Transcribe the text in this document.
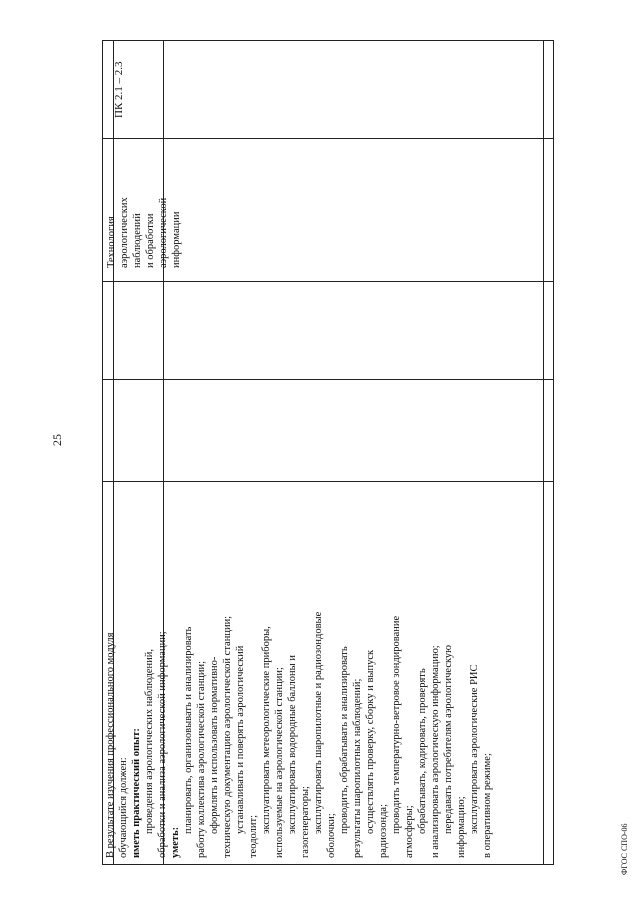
25
ПК 2.1 – 2.3
Технология аэрологических наблюдений и обработки аэрологической информации
В результате изучения профессионального модуля обучающийся должен: иметь практический опыт: проведения аэрологических наблюдений, обработки и анализа аэрологической информации; уметь:
планировать, организовывать и анализировать работу коллектива аэрологической станции; оформлять и использовать нормативно- техническую документацию аэрологической станции; устанавливать и поверять аэрологический
теодолит;
эксплуатировать метеорологические приборы, используемые на аэрологической станции; эксплуатировать водородные баллоны и газогенераторы; эксплуатировать шаропилотные и радиозондовые
оболочки;
проводить, обрабатывать и анализировать результаты шаропилотных наблюдений; осуществлять проверку, сборку и выпуск радиозонда; проводить температурно-ветровое зондирование атмосферы; обрабатывать, кодировать, проверять и анализировать аэрологическую информацию; передавать потребителям аэрологическую информацию; эксплуатировать аэрологические РИС в оперативном режиме;	ФГОС СПО-06
